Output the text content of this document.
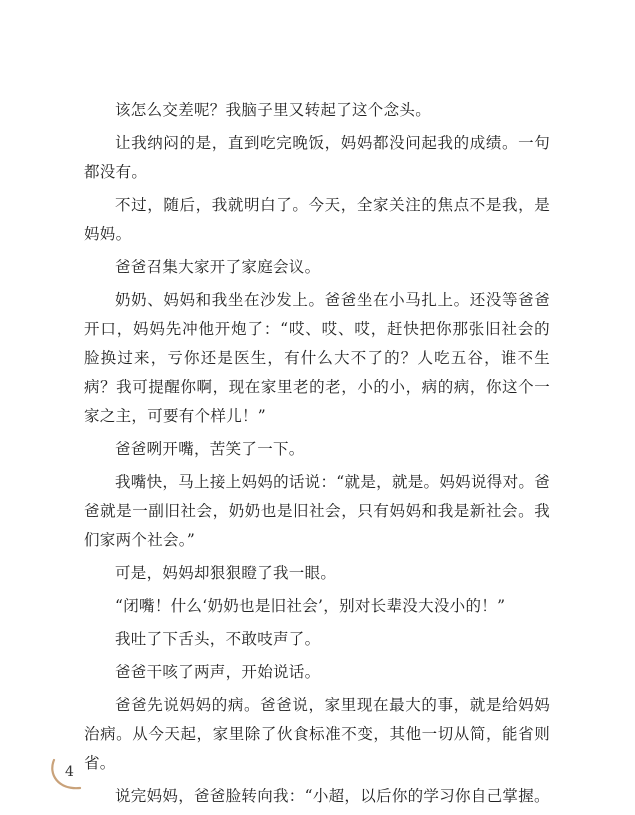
该怎么交差呢？我脑子里又转起了这个念头。

让我纳闷的是，直到吃完晚饭，妈妈都没问起我的成绩。一句都没有。

不过，随后，我就明白了。今天，全家关注的焦点不是我，是妈妈。

爸爸召集大家开了家庭会议。

奶奶、妈妈和我坐在沙发上。爸爸坐在小马扎上。还没等爸爸开口，妈妈先冲他开炮了：“哎、哎、哎，赶快把你那张旧社会的脸换过来，亏你还是医生，有什么大不了的？人吃五谷，谁不生病？我可提醒你啊，现在家里老的老，小的小，病的病，你这个一家之主，可要有个样儿！”

爸爸咧开嘴，苦笑了一下。

我嘴快，马上接上妈妈的话说：“就是，就是。妈妈说得对。爸爸就是一副旧社会，奶奶也是旧社会，只有妈妈和我是新社会。我们家两个社会。”

可是，妈妈却狠狠瞪了我一眼。

“闭嘴！什么‘奶奶也是旧社会’，别对长辈没大没小的！”

我吐了下舌头，不敢吱声了。

爸爸干咳了两声，开始说话。

爸爸先说妈妈的病。爸爸说，家里现在最大的事，就是给妈妈治病。从今天起，家里除了伙食标准不变，其他一切从简，能省则省。

说完妈妈，爸爸脸转向我：“小超，以后你的学习你自己掌握。

4
